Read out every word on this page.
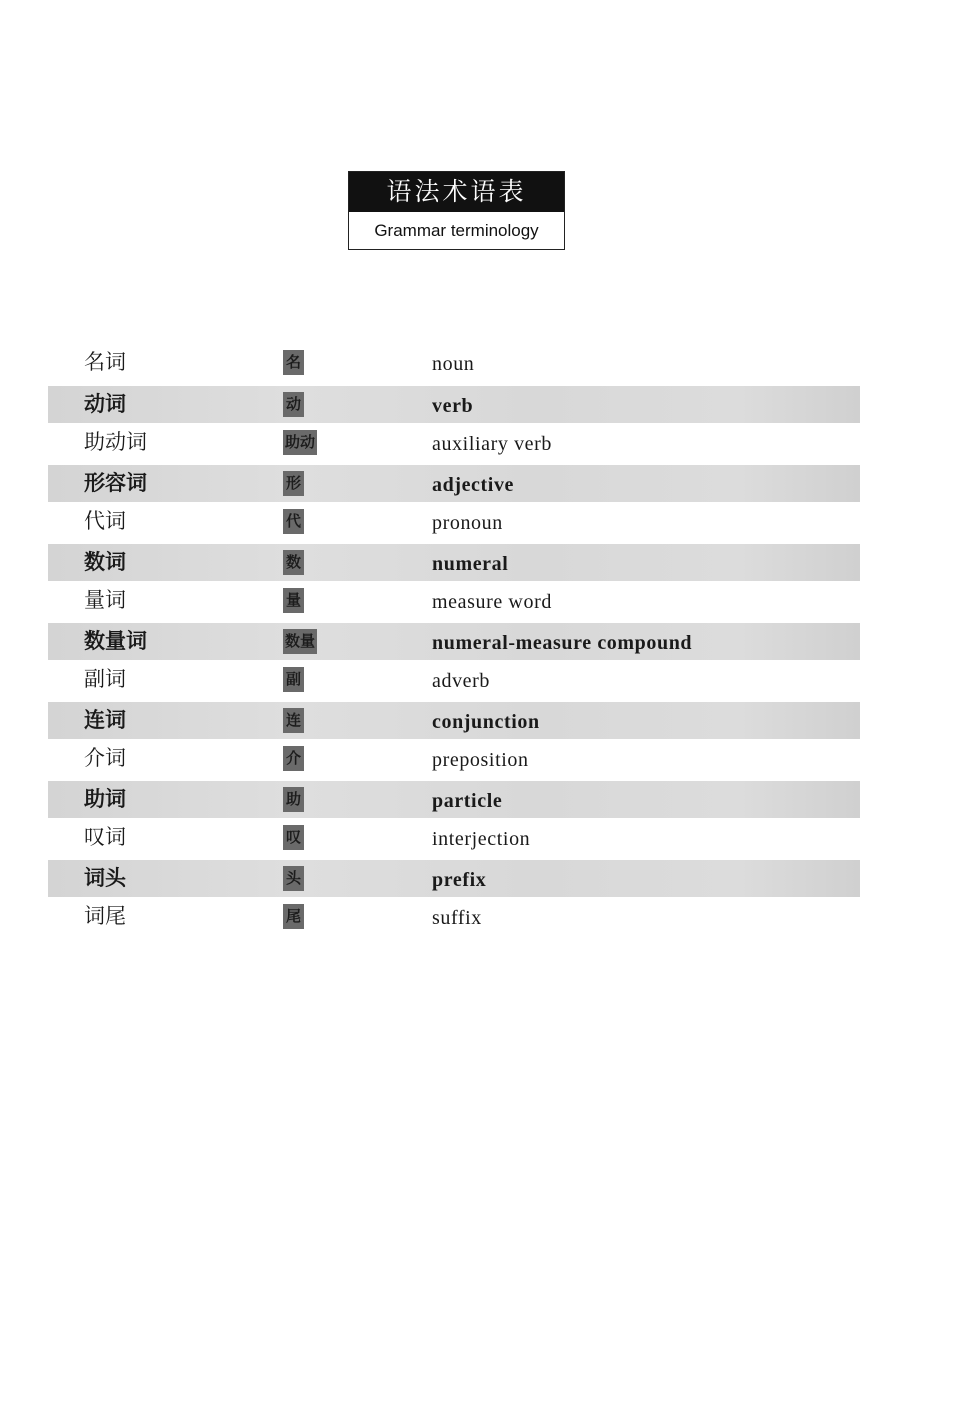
语法术语表
Grammar terminology
名词	名	noun
动词	动	verb
助动词	助动	auxiliary verb
形容词	形	adjective
代词	代	pronoun
数词	数	numeral
量词	量	measure word
数量词	数量	numeral-measure compound
副词	副	adverb
连词	连	conjunction
介词	介	preposition
助词	助	particle
叹词	叹	interjection
词头	头	prefix
词尾	尾	suffix
